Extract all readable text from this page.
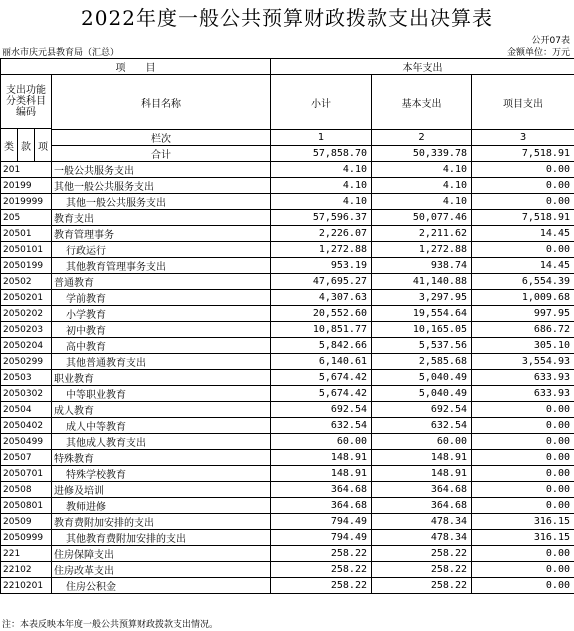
2022年度一般公共预算财政拨款支出决算表
公开07表
丽水市庆元县教育局（汇总）	金额单位：万元
项　　目				本年支出		
支出功能分类科目编码			科目名称	小计	基本支出	项目支出
类	款	项				
			栏次	1	2	3
			合计	57,858.70	50,339.78	7,518.91
201			一般公共服务支出	4.10	4.10	0.00
20199			其他一般公共服务支出	4.10	4.10	0.00
2019999			其他一般公共服务支出	4.10	4.10	0.00
205			教育支出	57,596.37	50,077.46	7,518.91
20501			教育管理事务	2,226.07	2,211.62	14.45
2050101			行政运行	1,272.88	1,272.88	0.00
2050199			其他教育管理事务支出	953.19	938.74	14.45
20502			普通教育	47,695.27	41,140.88	6,554.39
2050201			学前教育	4,307.63	3,297.95	1,009.68
2050202			小学教育	20,552.60	19,554.64	997.95
2050203			初中教育	10,851.77	10,165.05	686.72
2050204			高中教育	5,842.66	5,537.56	305.10
2050299			其他普通教育支出	6,140.61	2,585.68	3,554.93
20503			职业教育	5,674.42	5,040.49	633.93
2050302			中等职业教育	5,674.42	5,040.49	633.93
20504			成人教育	692.54	692.54	0.00
2050402			成人中等教育	632.54	632.54	0.00
2050499			其他成人教育支出	60.00	60.00	0.00
20507			特殊教育	148.91	148.91	0.00
2050701			特殊学校教育	148.91	148.91	0.00
20508			进修及培训	364.68	364.68	0.00
2050801			教师进修	364.68	364.68	0.00
20509			教育费附加安排的支出	794.49	478.34	316.15
2050999			其他教育费附加安排的支出	794.49	478.34	316.15
221			住房保障支出	258.22	258.22	0.00
22102			住房改革支出	258.22	258.22	0.00
2210201			住房公积金	258.22	258.22	0.00
注：本表反映本年度一般公共预算财政拨款支出情况。
